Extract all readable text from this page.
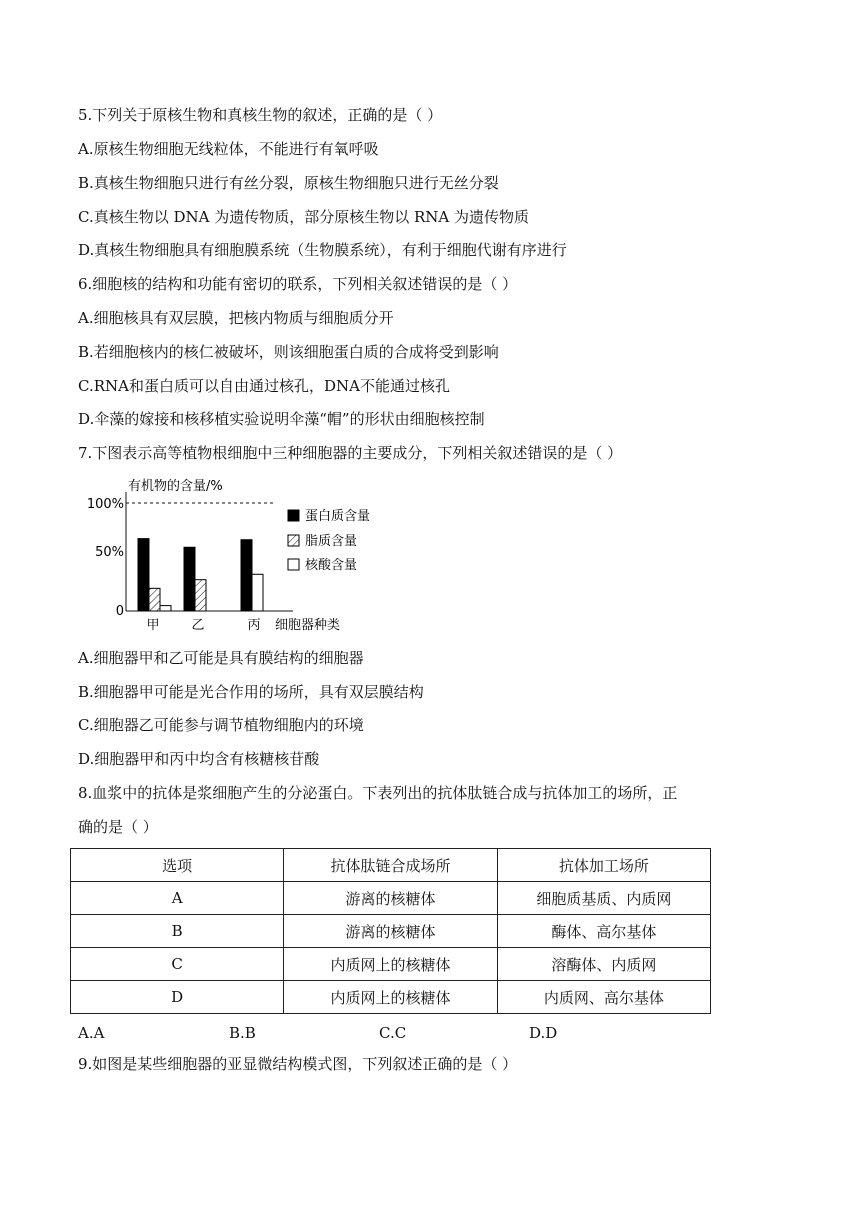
5.下列关于原核生物和真核生物的叙述，正确的是（ ）
A.原核生物细胞无线粒体，不能进行有氧呼吸
B.真核生物细胞只进行有丝分裂，原核生物细胞只进行无丝分裂
C.真核生物以 DNA 为遗传物质，部分原核生物以 RNA 为遗传物质
D.真核生物细胞具有细胞膜系统（生物膜系统），有利于细胞代谢有序进行
6.细胞核的结构和功能有密切的联系，下列相关叙述错误的是（ ）
A.细胞核具有双层膜，把核内物质与细胞质分开
B.若细胞核内的核仁被破坏，则该细胞蛋白质的合成将受到影响
C.RNA和蛋白质可以自由通过核孔，DNA不能通过核孔
D.伞藻的嫁接和核移植实验说明伞藻“帽”的形状由细胞核控制
7.下图表示高等植物根细胞中三种细胞器的主要成分，下列相关叙述错误的是（ ）
有机物的含量/%
100%
50%
0
甲 乙	丙 细胞器种类
蛋白质含量
脂质含量
核酸含量
A.细胞器甲和乙可能是具有膜结构的细胞器
B.细胞器甲可能是光合作用的场所，具有双层膜结构
C.细胞器乙可能参与调节植物细胞内的环境
D.细胞器甲和丙中均含有核糖核苷酸
8.血浆中的抗体是浆细胞产生的分泌蛋白。下表列出的抗体肽链合成与抗体加工的场所，正
确的是（ ）
选项	抗体肽链合成场所	抗体加工场所
A	游离的核糖体	细胞质基质、内质网
B	游离的核糖体	酶体、高尔基体
C	内质网上的核糖体	溶酶体、内质网
D	内质网上的核糖体	内质网、高尔基体
A.A	B.B	C.C	D.D
9.如图是某些细胞器的亚显微结构模式图，下列叙述正确的是（ ）
